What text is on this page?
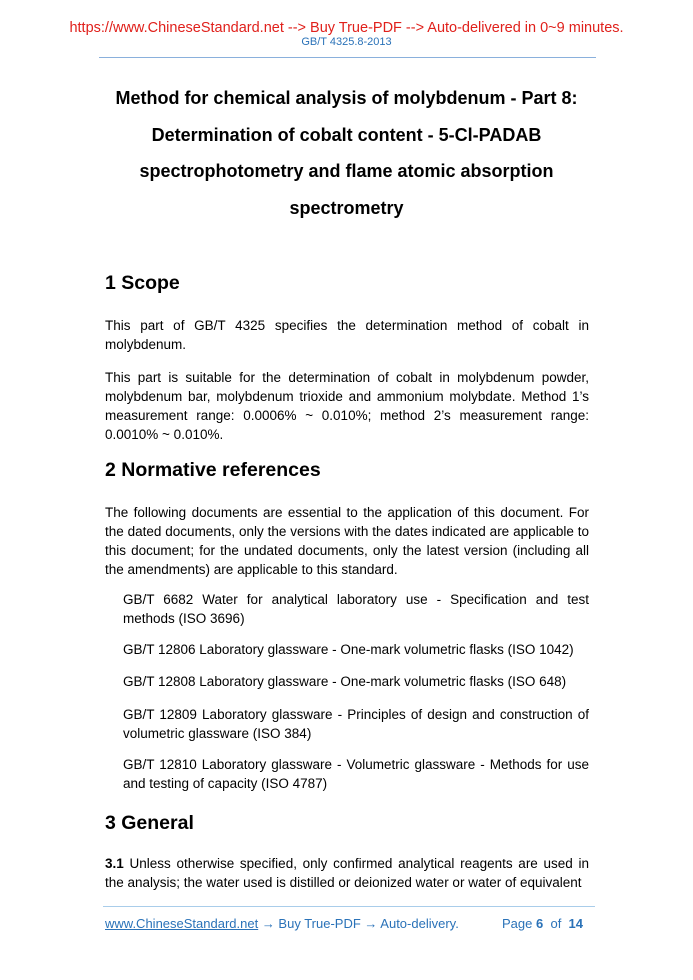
https://www.ChineseStandard.net --> Buy True-PDF --> Auto-delivered in 0~9 minutes.
GB/T 4325.8-2013
Method for chemical analysis of molybdenum - Part 8:
Determination of cobalt content - 5-Cl-PADAB
spectrophotometry and flame atomic absorption
spectrometry
1 Scope
This part of GB/T 4325 specifies the determination method of cobalt in molybdenum.
This part is suitable for the determination of cobalt in molybdenum powder, molybdenum bar, molybdenum trioxide and ammonium molybdate. Method 1’s measurement range: 0.0006% ~ 0.010%; method 2’s measurement range: 0.0010% ~ 0.010%.
2 Normative references
The following documents are essential to the application of this document. For the dated documents, only the versions with the dates indicated are applicable to this document; for the undated documents, only the latest version (including all the amendments) are applicable to this standard.
GB/T 6682 Water for analytical laboratory use - Specification and test methods (ISO 3696)
GB/T 12806 Laboratory glassware - One-mark volumetric flasks (ISO 1042)
GB/T 12808 Laboratory glassware - One-mark volumetric flasks (ISO 648)
GB/T 12809 Laboratory glassware - Principles of design and construction of volumetric glassware (ISO 384)
GB/T 12810 Laboratory glassware - Volumetric glassware - Methods for use and testing of capacity (ISO 4787)
3 General
3.1 Unless otherwise specified, only confirmed analytical reagents are used in the analysis; the water used is distilled or deionized water or water of equivalent
www.ChineseStandard.net → Buy True-PDF → Auto-delivery.	Page 6 of 14
